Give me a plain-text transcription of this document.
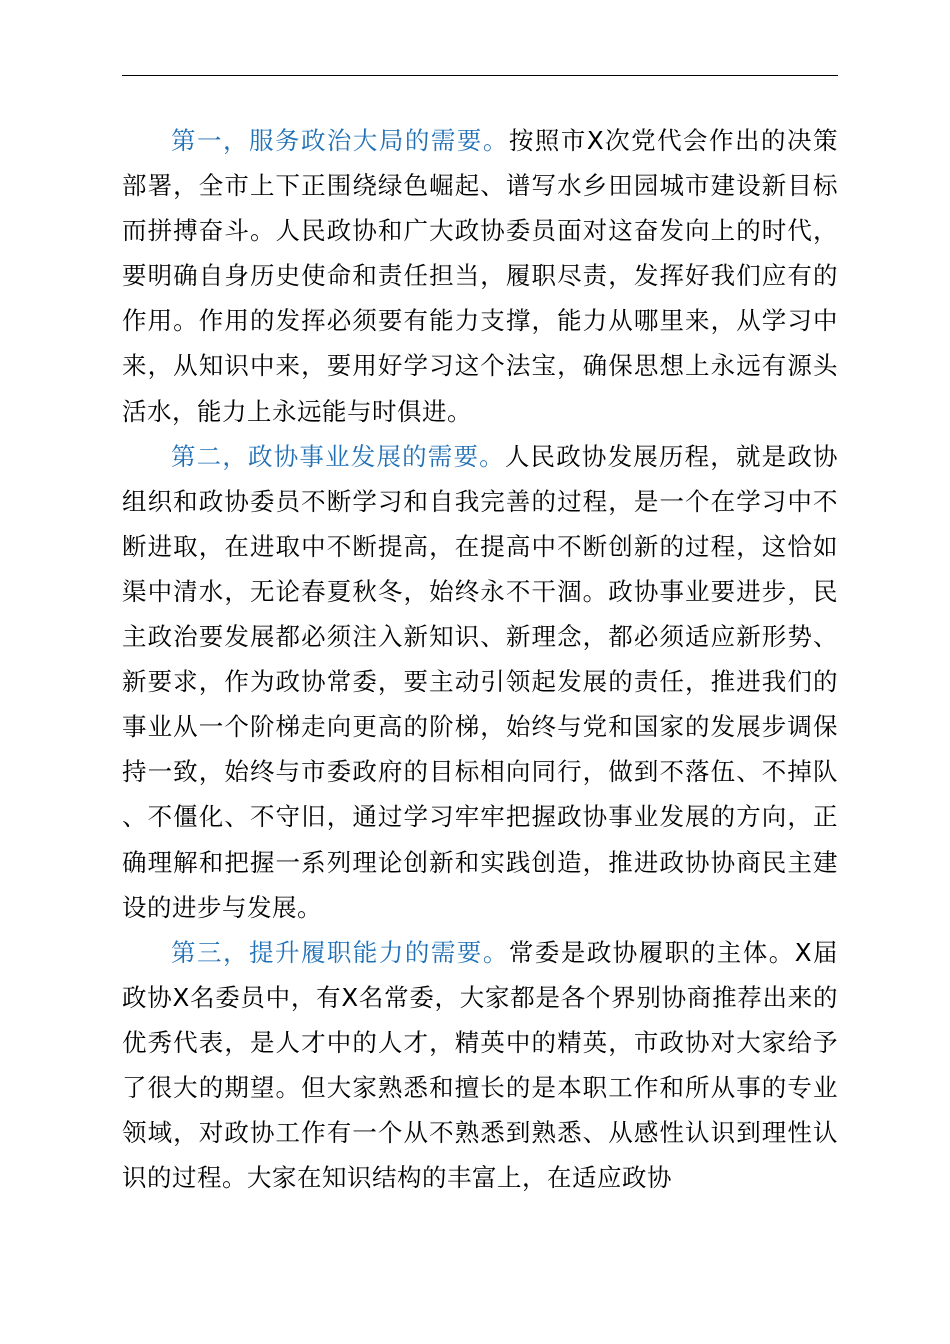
第一，服务政治大局的需要。按照市X次党代会作出的决策部署，全市上下正围绕绿色崛起、谱写水乡田园城市建设新目标而拼搏奋斗。人民政协和广大政协委员面对这奋发向上的时代，要明确自身历史使命和责任担当，履职尽责，发挥好我们应有的作用。作用的发挥必须要有能力支撑，能力从哪里来，从学习中来，从知识中来，要用好学习这个法宝，确保思想上永远有源头活水，能力上永远能与时俱进。

第二，政协事业发展的需要。人民政协发展历程，就是政协组织和政协委员不断学习和自我完善的过程，是一个在学习中不断进取，在进取中不断提高，在提高中不断创新的过程，这恰如渠中清水，无论春夏秋冬，始终永不干涸。政协事业要进步，民主政治要发展都必须注入新知识、新理念，都必须适应新形势、新要求，作为政协常委，要主动引领起发展的责任，推进我们的事业从一个阶梯走向更高的阶梯，始终与党和国家的发展步调保持一致，始终与市委政府的目标相向同行，做到不落伍、不掉队、不僵化、不守旧，通过学习牢牢把握政协事业发展的方向，正确理解和把握一系列理论创新和实践创造，推进政协协商民主建设的进步与发展。

第三，提升履职能力的需要。常委是政协履职的主体。X届政协X名委员中，有X名常委，大家都是各个界别协商推荐出来的优秀代表，是人才中的人才，精英中的精英，市政协对大家给予了很大的期望。但大家熟悉和擅长的是本职工作和所从事的专业领域，对政协工作有一个从不熟悉到熟悉、从感性认识到理性认识的过程。大家在知识结构的丰富上，在适应政协
